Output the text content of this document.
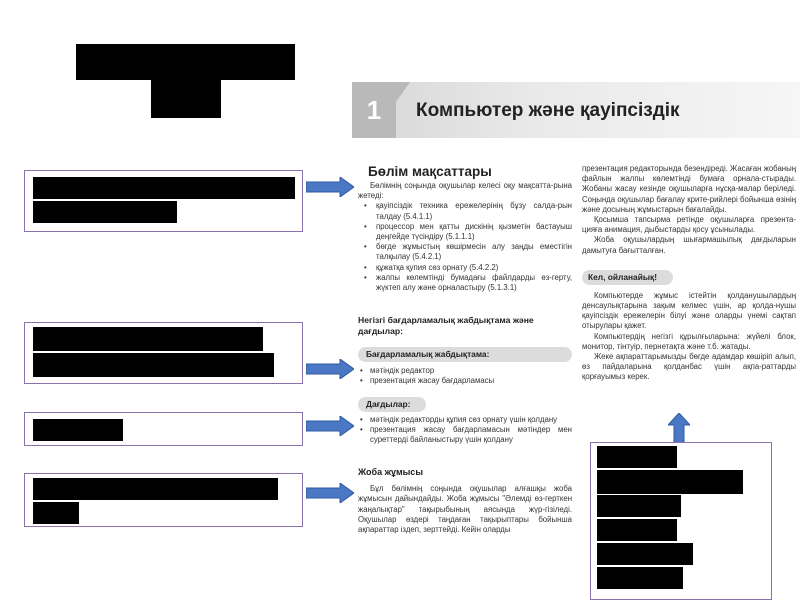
1	Компьютер және қауіпсіздік
Бөлім мақсаттары

Бөлімнің соңында оқушылар келесі оқу мақсатта-рына жетеді:

• қауіпсіздік техника ережелерінің бұзу салда-рын талдау (5.4.1.1)

• процессор мен қатты дискінің қызметін бастауыш деңгейде түсіндіру (5.1.1.1)

• бөгде жұмыстың көшірмесін алу заңды еместігін талқылау (5.4.2.1)

• құжатқа қупия сөз орнату (5.4.2.2)

• жалпы көлемтінді бумадағы файлдарды өз-герту, жүктеп алу және орналастыру (5.1.3.1)

Негізгі бағдарламалық жабдықтама және дағдылар:
Бағдарламалық жабдықтама:

• мәтіндік редактор

• презентация жасау бағдарламасы

Дағдылар:

• мәтіндік редакторды құпия сөз орнату үшін қолдану

• презентация жасау бағдарламасын мәтіндер мен суреттерді байланыстыру үшін қолдану

Жоба жұмысы

Бұл бөлімнің соңында оқушылар алғашқы жоба жұмысын дайындайды. Жоба жұмысы "Әлемді өз-герткен жаңалықтар" тақырыбының аясында жүр-гізіледі. Оқушылар өздері таңдаған тақырыптары бойынша ақпараттар іздеп, зерттейді. Кейін оларды

презентация редакторында безендіреді. Жасаған жобаның файлын жалпы көлемтінді бумаға орнала-стырады. Жобаны жасау кезінде оқушыларға нұсқа-малар беріледі. Соңында оқушылар бағалау крите-рийлері бойынша өзінің және досының жұмыстарын бағалайды.

Қосымша тапсырма ретінде оқушыларға презента-цияға анимация, дыбыстарды қосу ұсынылады.

Жоба оқушылардың шығармашылық дағдыларын дамытуға бағытталған.

Кел, ойланайық!

Компьютерде жұмыс істейтін қолданушылардың денсаулықтарына зақым келмес үшін, ар қолда-нушы қауіпсіздік ережелерін білуі және оларды үнемі сақтап отырулары қажет.

Компьютердің негізгі құрылғыларына: жүйелі блок, монитор, тінтуір, пернетақта және т.б. жатады.

Жеке ақпараттарымызды бөгде адамдар көшіріп алып, өз пайдаларына қолданбас үшін ақпа-раттарды қорғауымыз керек.
